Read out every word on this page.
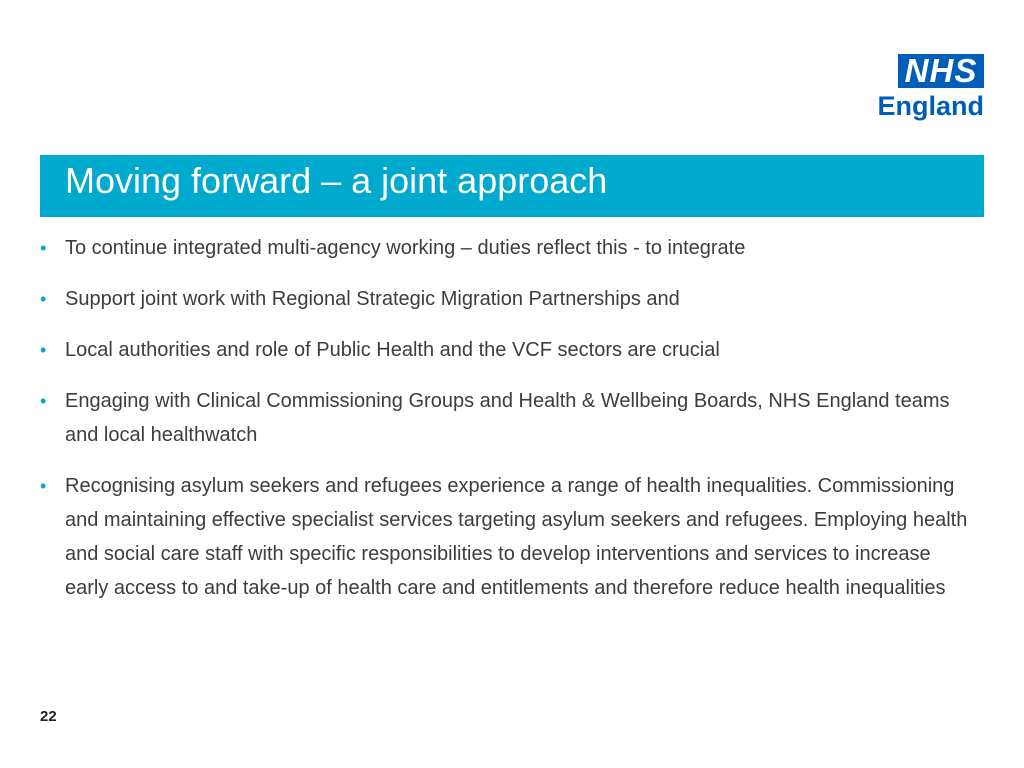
NHS
England
Moving forward – a joint approach
• To continue integrated multi-agency working – duties reflect this - to integrate
• Support joint work with Regional Strategic Migration Partnerships and
• Local authorities and role of Public Health and the VCF sectors are crucial
• Engaging with Clinical Commissioning Groups and Health & Wellbeing Boards, NHS England teams and local healthwatch
• Recognising asylum seekers and refugees experience a range of health inequalities. Commissioning and maintaining effective specialist services targeting asylum seekers and refugees. Employing health and social care staff with specific responsibilities to develop interventions and services to increase early access to and take-up of health care and entitlements and therefore reduce health inequalities
22
